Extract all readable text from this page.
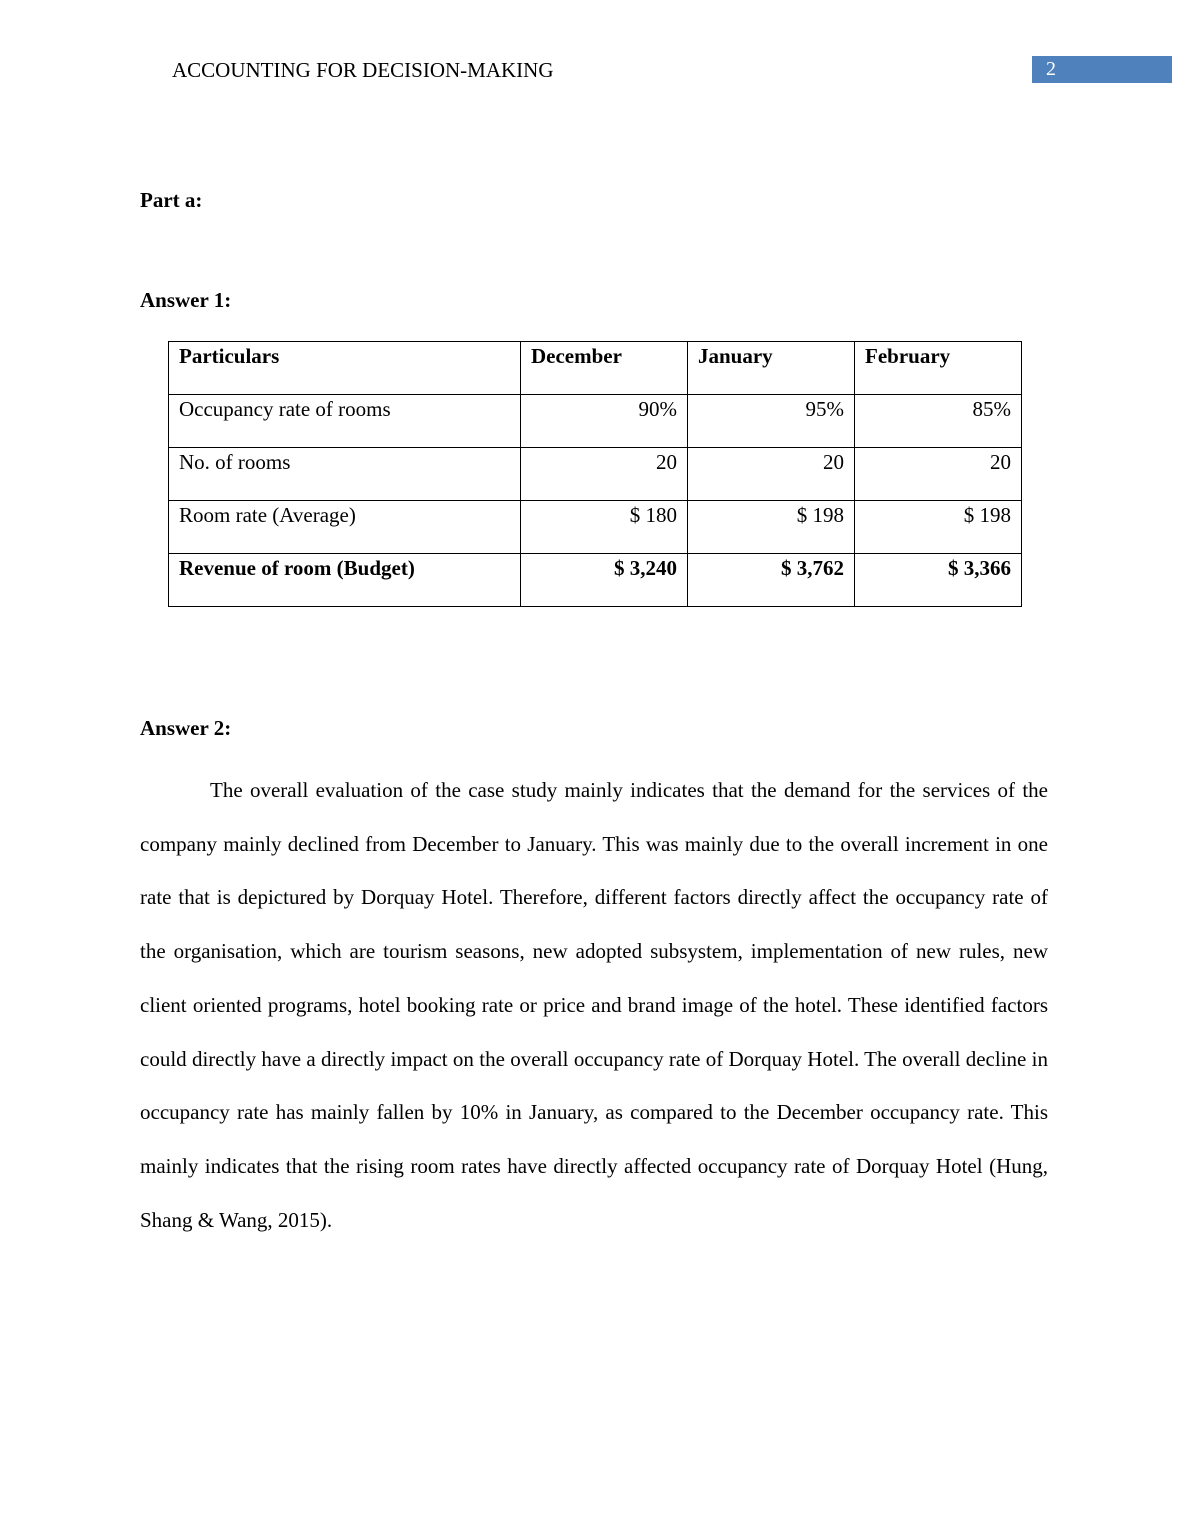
ACCOUNTING FOR DECISION-MAKING	2
Part a:
Answer 1:
Particulars	December	January	February
Occupancy rate of rooms	90%	95%	85%
No. of rooms	20	20	20
Room rate (Average)	$ 180	$ 198	$ 198
Revenue of room (Budget)	$ 3,240	$ 3,762	$ 3,366
Answer 2:

The overall evaluation of the case study mainly indicates that the demand for the services of the company mainly declined from December to January. This was mainly due to the overall increment in one rate that is depictured by Dorquay Hotel. Therefore, different factors directly affect the occupancy rate of the organisation, which are tourism seasons, new adopted subsystem, implementation of new rules, new client oriented programs, hotel booking rate or price and brand image of the hotel. These identified factors could directly have a directly impact on the overall occupancy rate of Dorquay Hotel. The overall decline in occupancy rate has mainly fallen by 10% in January, as compared to the December occupancy rate. This mainly indicates that the rising room rates have directly affected occupancy rate of Dorquay Hotel (Hung, Shang & Wang, 2015).
